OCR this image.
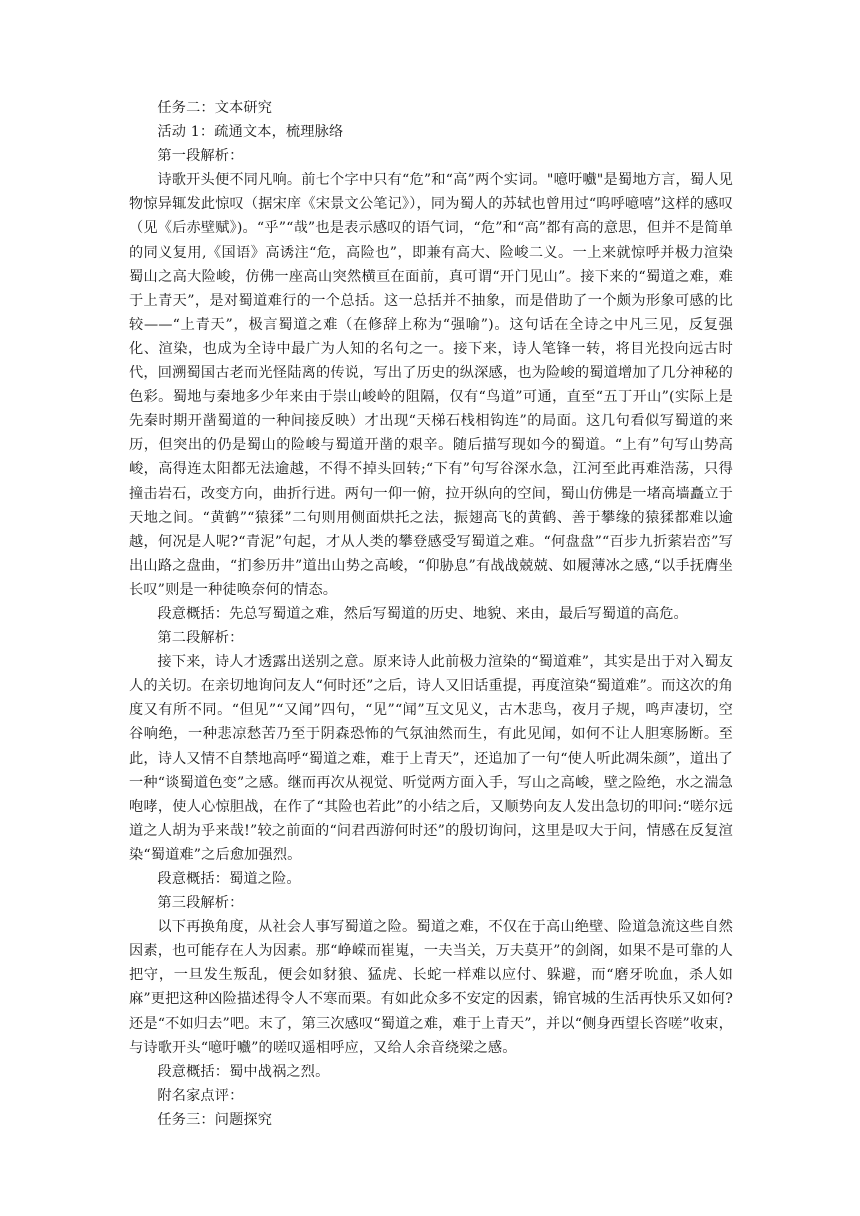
任务二：文本研究

活动 1：疏通文本，梳理脉络

第一段解析：

诗歌开头便不同凡响。前七个字中只有“危”和“高”两个实词。"噫吁嚱"是蜀地方言，蜀人见物惊异辄发此惊叹（据宋庠《宋景文公笔记》），同为蜀人的苏轼也曾用过“呜呼噫嘻”这样的感叹（见《后赤壁赋》)。“乎”“哉”也是表示感叹的语气词，“危”和“高”都有高的意思，但并不是简单的同义复用,《国语》高诱注“危，高险也”，即兼有高大、险峻二义。一上来就惊呼并极力渲染蜀山之高大险峻，仿佛一座高山突然横亘在面前，真可谓“开门见山”。接下来的“蜀道之难，难于上青天”，是对蜀道难行的一个总括。这一总括并不抽象，而是借助了一个颇为形象可感的比较——“上青天”，极言蜀道之难（在修辞上称为“强喻”)。这句话在全诗之中凡三见，反复强化、渲染，也成为全诗中最广为人知的名句之一。接下来，诗人笔锋一转，将目光投向远古时代，回溯蜀国古老而光怪陆离的传说，写出了历史的纵深感，也为险峻的蜀道增加了几分神秘的色彩。蜀地与秦地多少年来由于崇山峻岭的阻隔，仅有“鸟道”可通，直至“五丁开山”(实际上是先秦时期开凿蜀道的一种间接反映）才出现“天梯石栈相钩连”的局面。这几句看似写蜀道的来历，但突出的仍是蜀山的险峻与蜀道开凿的艰辛。随后描写现如今的蜀道。“上有”句写山势高峻，高得连太阳都无法逾越，不得不掉头回转;“下有”句写谷深水急，江河至此再难浩荡，只得撞击岩石，改变方向，曲折行进。两句一仰一俯，拉开纵向的空间，蜀山仿佛是一堵高墙矗立于天地之间。“黄鹤”“猿猱”二句则用侧面烘托之法，振翅高飞的黄鹤、善于攀缘的猿猱都难以逾越，何况是人呢?“青泥”句起，才从人类的攀登感受写蜀道之难。“何盘盘”“百步九折萦岩峦”写出山路之盘曲，“扪参历井”道出山势之高峻，“仰胁息”有战战兢兢、如履薄冰之感,“以手抚膺坐长叹”则是一种徒唤奈何的情态。

段意概括：先总写蜀道之难，然后写蜀道的历史、地貌、来由，最后写蜀道的高危。

第二段解析：

接下来，诗人才透露出送别之意。原来诗人此前极力渲染的“蜀道难”，其实是出于对入蜀友人的关切。在亲切地询问友人“何时还”之后，诗人又旧话重提，再度渲染“蜀道难”。而这次的角度又有所不同。“但见”“又闻”四句，“见”“闻”互文见义，古木悲鸟，夜月子规，鸣声凄切，空谷响绝，一种悲凉愁苦乃至于阴森恐怖的气氛油然而生，有此见闻，如何不让人胆寒肠断。至此，诗人又情不自禁地高呼“蜀道之难，难于上青天”，还追加了一句“使人听此凋朱颜”，道出了一种“谈蜀道色变”之感。继而再次从视觉、听觉两方面入手，写山之高峻，壁之险绝，水之湍急咆哮，使人心惊胆战，在作了“其险也若此”的小结之后，又顺势向友人发出急切的叩问:“嗟尔远道之人胡为乎来哉!”较之前面的“问君西游何时还”的殷切询问，这里是叹大于问，情感在反复渲染“蜀道难”之后愈加强烈。

段意概括：蜀道之险。

第三段解析：

以下再换角度，从社会人事写蜀道之险。蜀道之难，不仅在于高山绝壁、险道急流这些自然因素，也可能存在人为因素。那“峥嵘而崔嵬，一夫当关，万夫莫开”的剑阁，如果不是可靠的人把守，一旦发生叛乱，便会如豺狼、猛虎、长蛇一样难以应付、躲避，而“磨牙吮血，杀人如麻”更把这种凶险描述得令人不寒而栗。有如此众多不安定的因素，锦官城的生活再快乐又如何?还是“不如归去”吧。末了，第三次感叹“蜀道之难，难于上青天”，并以“侧身西望长咨嗟”收束，与诗歌开头“噫吁嚱”的嗟叹遥相呼应，又给人余音绕梁之感。

段意概括：蜀中战祸之烈。

附名家点评：

任务三：问题探究
